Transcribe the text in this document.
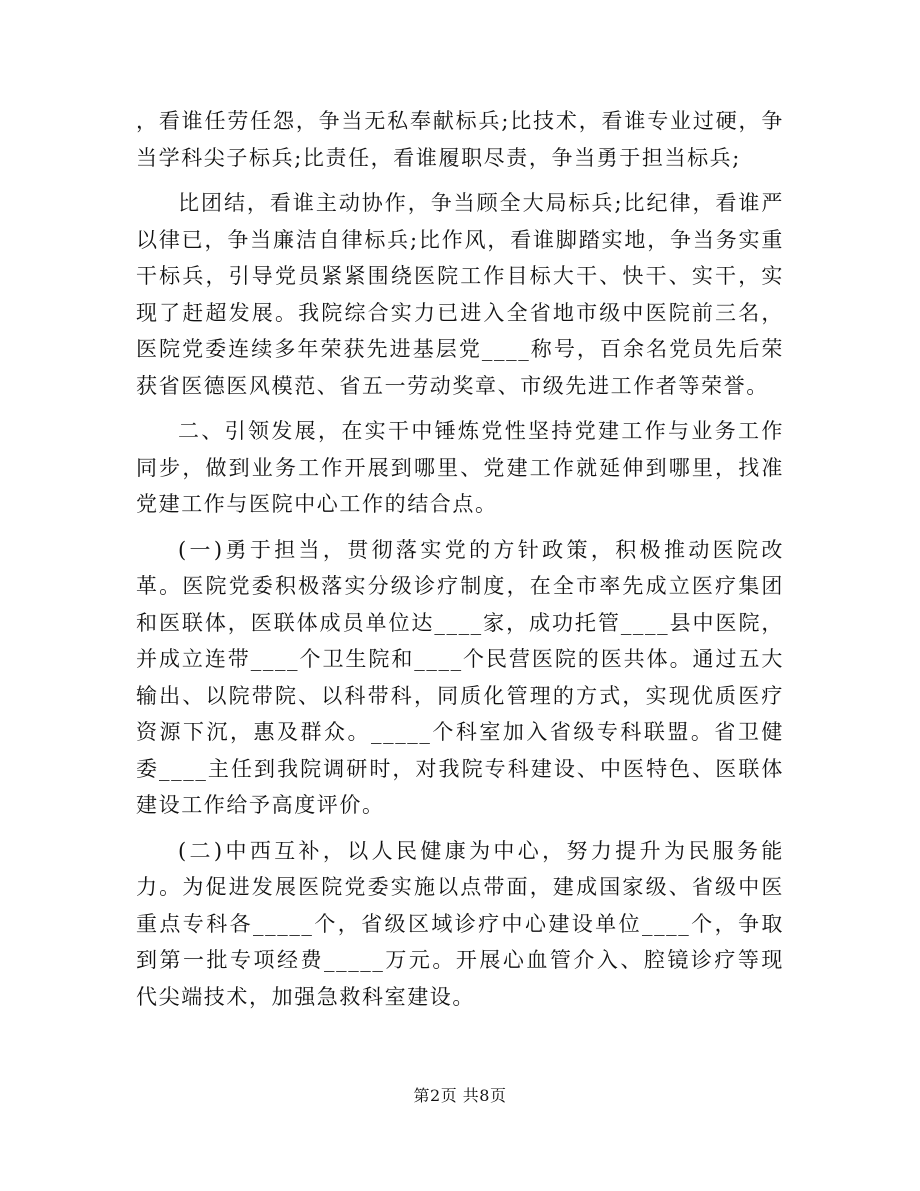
，看谁任劳任怨，争当无私奉献标兵;比技术，看谁专业过硬，争当学科尖子标兵;比责任，看谁履职尽责，争当勇于担当标兵;

比团结，看谁主动协作，争当顾全大局标兵;比纪律，看谁严以律已，争当廉洁自律标兵;比作风，看谁脚踏实地，争当务实重干标兵，引导党员紧紧围绕医院工作目标大干、快干、实干，实现了赶超发展。我院综合实力已进入全省地市级中医院前三名，医院党委连续多年荣获先进基层党____称号，百余名党员先后荣获省医德医风模范、省五一劳动奖章、市级先进工作者等荣誉。

二、引领发展，在实干中锤炼党性坚持党建工作与业务工作同步，做到业务工作开展到哪里、党建工作就延伸到哪里，找准党建工作与医院中心工作的结合点。

(一)勇于担当，贯彻落实党的方针政策，积极推动医院改革。医院党委积极落实分级诊疗制度，在全市率先成立医疗集团和医联体，医联体成员单位达____家，成功托管____县中医院，并成立连带____个卫生院和____个民营医院的医共体。通过五大输出、以院带院、以科带科，同质化管理的方式，实现优质医疗资源下沉，惠及群众。_____个科室加入省级专科联盟。省卫健委____主任到我院调研时，对我院专科建设、中医特色、医联体建设工作给予高度评价。

(二)中西互补，以人民健康为中心，努力提升为民服务能力。为促进发展医院党委实施以点带面，建成国家级、省级中医重点专科各_____个，省级区域诊疗中心建设单位____个，争取到第一批专项经费_____万元。开展心血管介入、腔镜诊疗等现代尖端技术，加强急救科室建设。

第2页 共8页
